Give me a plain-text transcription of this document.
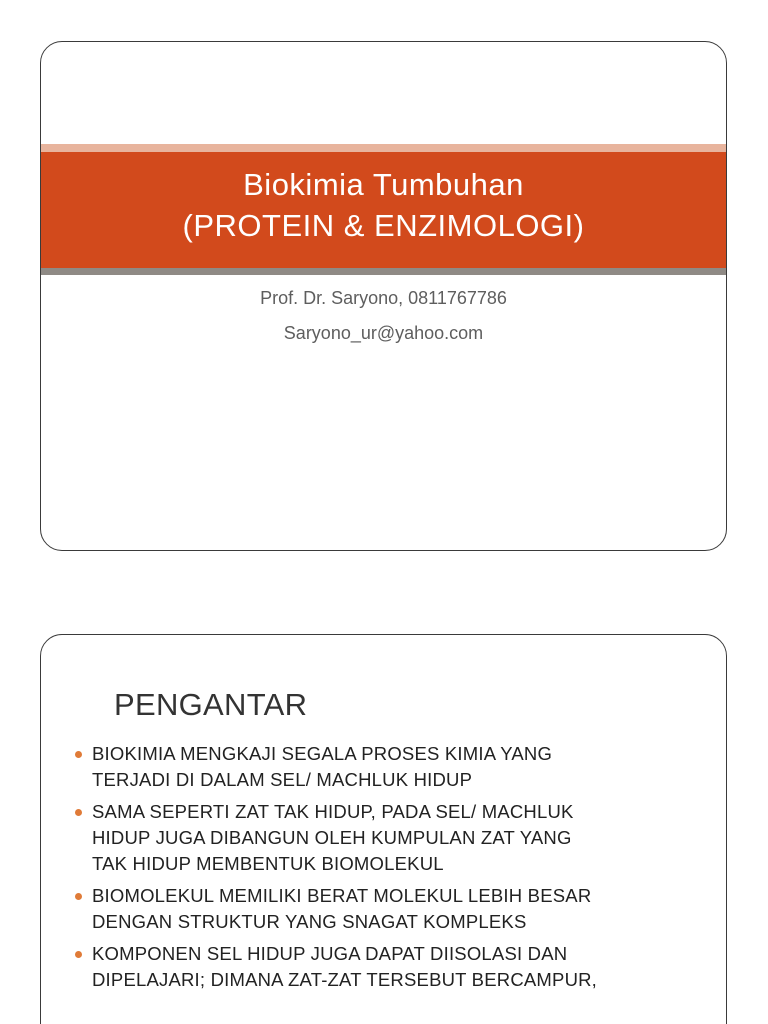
Biokimia Tumbuhan
(PROTEIN & ENZIMOLOGI)
Prof. Dr. Saryono, 0811767786
Saryono_ur@yahoo.com
PENGANTAR
BIOKIMIA MENGKAJI SEGALA PROSES KIMIA YANG
TERJADI DI DALAM SEL/ MACHLUK HIDUP
SAMA SEPERTI ZAT TAK HIDUP, PADA SEL/ MACHLUK
HIDUP JUGA DIBANGUN OLEH KUMPULAN ZAT YANG
TAK HIDUP MEMBENTUK BIOMOLEKUL
BIOMOLEKUL MEMILIKI BERAT MOLEKUL LEBIH BESAR
DENGAN STRUKTUR YANG SNAGAT KOMPLEKS
KOMPONEN SEL HIDUP JUGA DAPAT DIISOLASI DAN
DIPELAJARI; DIMANA ZAT-ZAT TERSEBUT BERCAMPUR,
